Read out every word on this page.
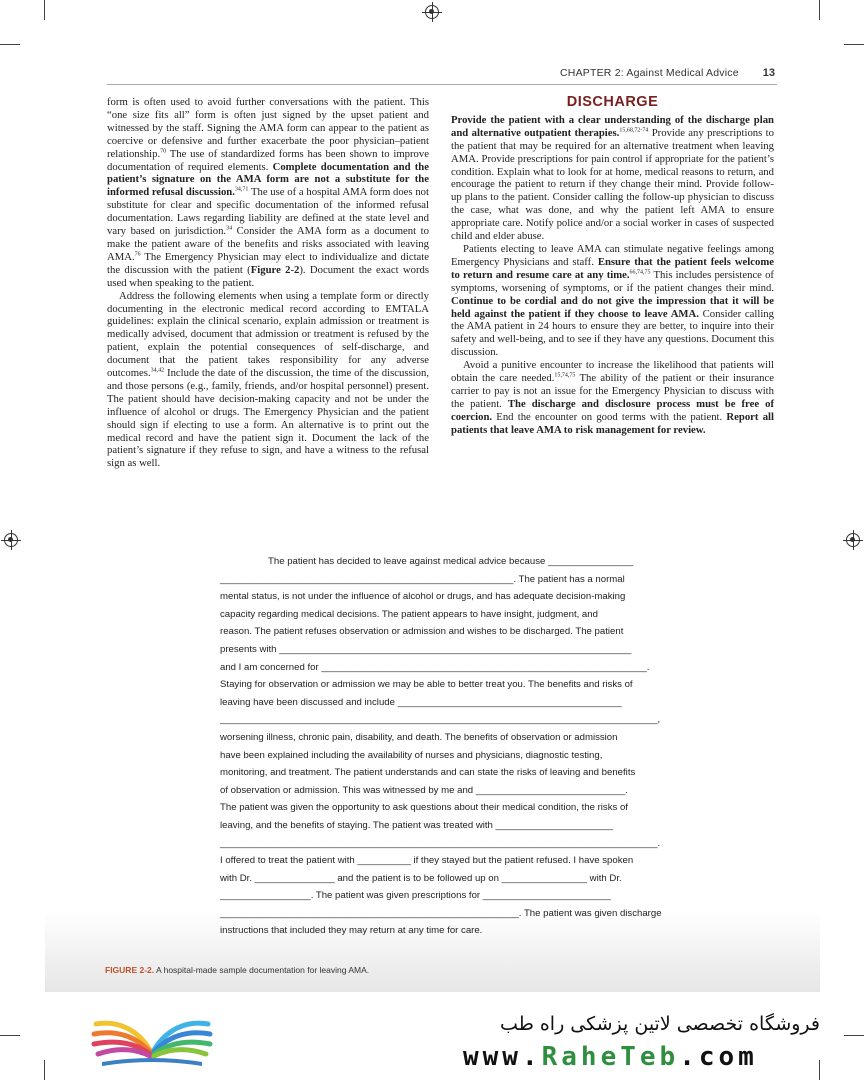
CHAPTER 2: Against Medical Advice 13

form is often used to avoid further conversations with the patient. This “one size fits all” form is often just signed by the upset patient and witnessed by the staff. Signing the AMA form can appear to the patient as coercive or defensive and further exacerbate the poor physician–patient relationship.$^{70}$ The use of standardized forms has been shown to improve documentation of required elements. Complete documentation and the patient’s signature on the AMA form are not a substitute for the informed refusal discussion.$^{34,71}$ The use of a hospital AMA form does not substitute for clear and specific documentation of the informed refusal documentation. Laws regarding liability are defined at the state level and vary based on jurisdiction.$^{34}$ Consider the AMA form as a document to make the patient aware of the benefits and risks associated with leaving AMA.$^{76}$ The Emergency Physician may elect to individualize and dictate the discussion with the patient (Figure 2-2). Document the exact words used when speaking to the patient.

Address the following elements when using a template form or directly documenting in the electronic medical record according to EMTALA guidelines: explain the clinical scenario, explain admission or treatment is medically advised, document that admission or treatment is refused by the patient, explain the potential consequences of self-discharge, and document that the patient takes responsibility for any adverse outcomes.$^{34,42}$ Include the date of the discussion, the time of the discussion, and those persons (e.g., family, friends, and/or hospital personnel) present. The patient should have decision-making capacity and not be under the influence of alcohol or drugs. The Emergency Physician and the patient should sign if electing to use a form. An alternative is to print out the medical record and have the patient sign it. Document the lack of the patient’s signature if they refuse to sign, and have a witness to the refusal sign as well.

DISCHARGE

Provide the patient with a clear understanding of the discharge plan and alternative outpatient therapies.$^{15,68,72-74}$ Provide any prescriptions to the patient that may be required for an alternative treatment when leaving AMA. Provide prescriptions for pain control if appropriate for the patient’s condition. Explain what to look for at home, medical reasons to return, and encourage the patient to return if they change their mind. Provide follow-up plans to the patient. Consider calling the follow-up physician to discuss the case, what was done, and why the patient left AMA to ensure appropriate care. Notify police and/or a social worker in cases of suspected child and elder abuse.

Patients electing to leave AMA can stimulate negative feelings among Emergency Physicians and staff. Ensure that the patient feels welcome to return and resume care at any time.$^{66,74,75}$ This includes persistence of symptoms, worsening of symptoms, or if the patient changes their mind. Continue to be cordial and do not give the impression that it will be held against the patient if they choose to leave AMA. Consider calling the AMA patient in 24 hours to ensure they are better, to inquire into their safety and well-being, and to see if they have any questions. Document this discussion.

Avoid a punitive encounter to increase the likelihood that patients will obtain the care needed.$^{15,74,75}$ The ability of the patient or their insurance carrier to pay is not an issue for the Emergency Physician to discuss with the patient. The discharge and disclosure process must be free of coercion. End the encounter on good terms with the patient. Report all patients that leave AMA to risk management for review.

The patient has decided to leave against medical advice because ________________

_______________________________________________________. The patient has a normal

mental status, is not under the influence of alcohol or drugs, and has adequate decision-making

capacity regarding medical decisions. The patient appears to have insight, judgment, and

reason. The patient refuses observation or admission and wishes to be discharged. The patient

presents with __________________________________________________________________

and I am concerned for _____________________________________________________________.

Staying for observation or admission we may be able to better treat you. The benefits and risks of

leaving have been discussed and include __________________________________________

__________________________________________________________________________________,

worsening illness, chronic pain, disability, and death. The benefits of observation or admission

have been explained including the availability of nurses and physicians, diagnostic testing,

monitoring, and treatment. The patient understands and can state the risks of leaving and benefits

of observation or admission. This was witnessed by me and ____________________________.

The patient was given the opportunity to ask questions about their medical condition, the risks of

leaving, and the benefits of staying. The patient was treated with ______________________

__________________________________________________________________________________.

I offered to treat the patient with __________ if they stayed but the patient refused. I have spoken

with Dr. _______________ and the patient is to be followed up on ________________ with Dr.

_________________. The patient was given prescriptions for ________________________

________________________________________________________. The patient was given discharge

instructions that included they may return at any time for care.

FIGURE 2-2. A hospital-made sample documentation for leaving AMA.
فروشگاه تخصصی لاتین پزشکی راه طب
www.RaheTeb.com
